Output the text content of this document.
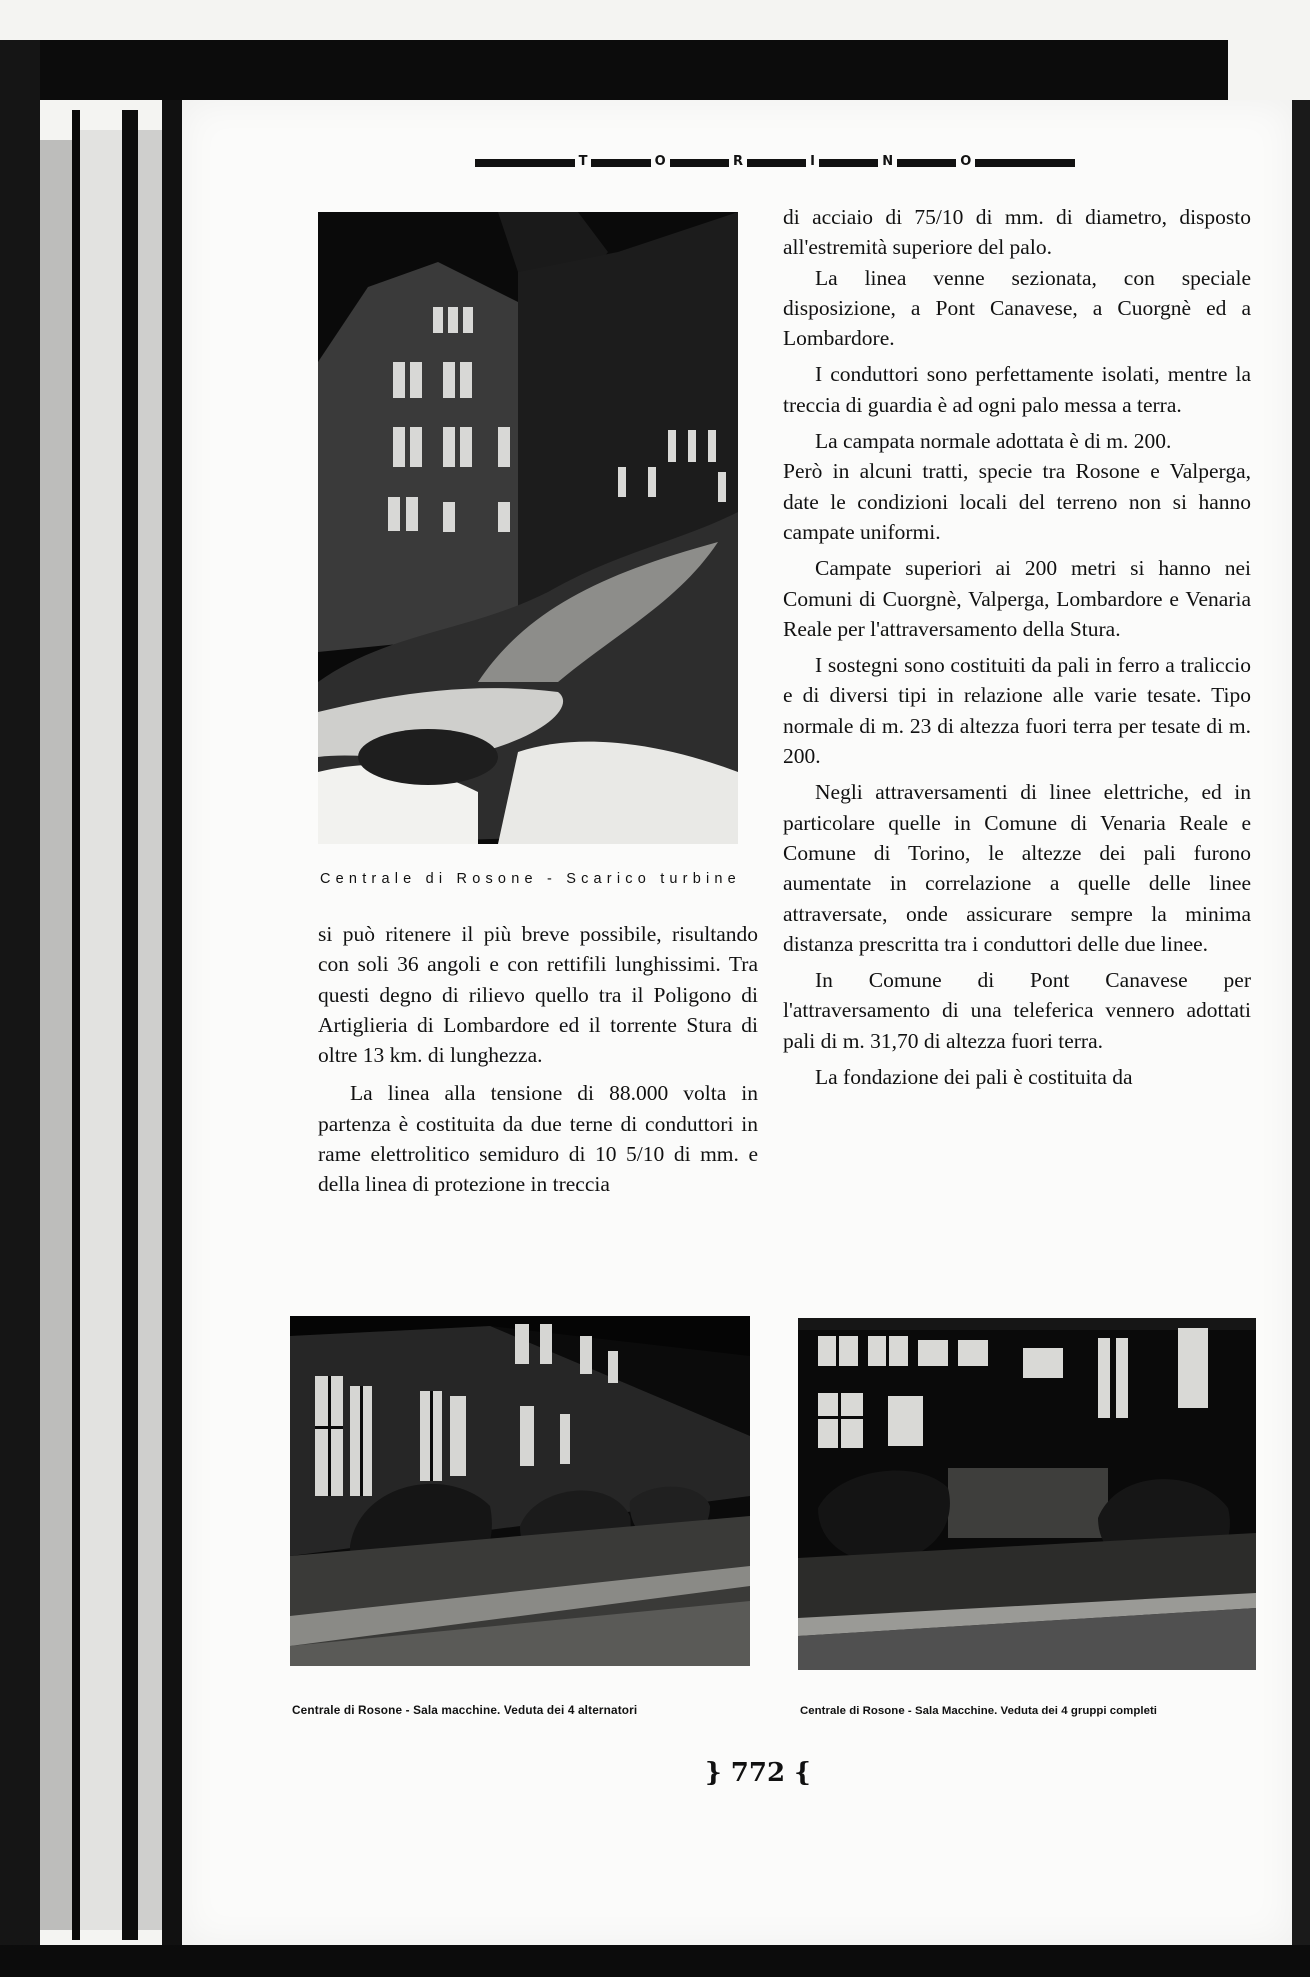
T	O	R	I	N	O
Centrale di Rosone - Scarico turbine

si può ritenere il più breve possibile, risultando con soli 36 angoli e con rettifili lunghissimi. Tra questi degno di rilievo quello tra il Poligono di Artiglieria di Lombardore ed il torrente Stura di oltre 13 km. di lunghezza.

La linea alla tensione di 88.000 volta in partenza è costituita da due terne di conduttori in rame elettrolitico semiduro di 10 5/10 di mm. e della linea di protezione in treccia

di acciaio di 75/10 di mm. di diametro, disposto all'estremità superiore del palo.

La linea venne sezionata, con speciale disposizione, a Pont Canavese, a Cuorgnè ed a Lombardore.

I conduttori sono perfettamente isolati, mentre la treccia di guardia è ad ogni palo messa a terra.

La campata normale adottata è di m. 200.

Però in alcuni tratti, specie tra Rosone e Valperga, date le condizioni locali del terreno non si hanno campate uniformi.

Campate superiori ai 200 metri si hanno nei Comuni di Cuorgnè, Valperga, Lombardore e Venaria Reale per l'attraversamento della Stura.

I sostegni sono costituiti da pali in ferro a traliccio e di diversi tipi in relazione alle varie tesate. Tipo normale di m. 23 di altezza fuori terra per tesate di m. 200.

Negli attraversamenti di linee elettriche, ed in particolare quelle in Comune di Venaria Reale e Comune di Torino, le altezze dei pali furono aumentate in correlazione a quelle delle linee attraversate, onde assicurare sempre la minima distanza prescritta tra i conduttori delle due linee.

In Comune di Pont Canavese per l'attraversamento di una teleferica vennero adottati pali di m. 31,70 di altezza fuori terra.

La fondazione dei pali è costituita da

Centrale di Rosone - Sala macchine. Veduta dei 4 alternatori	Centrale di Rosone - Sala Macchine. Veduta dei 4 gruppi completi
} 772 {
